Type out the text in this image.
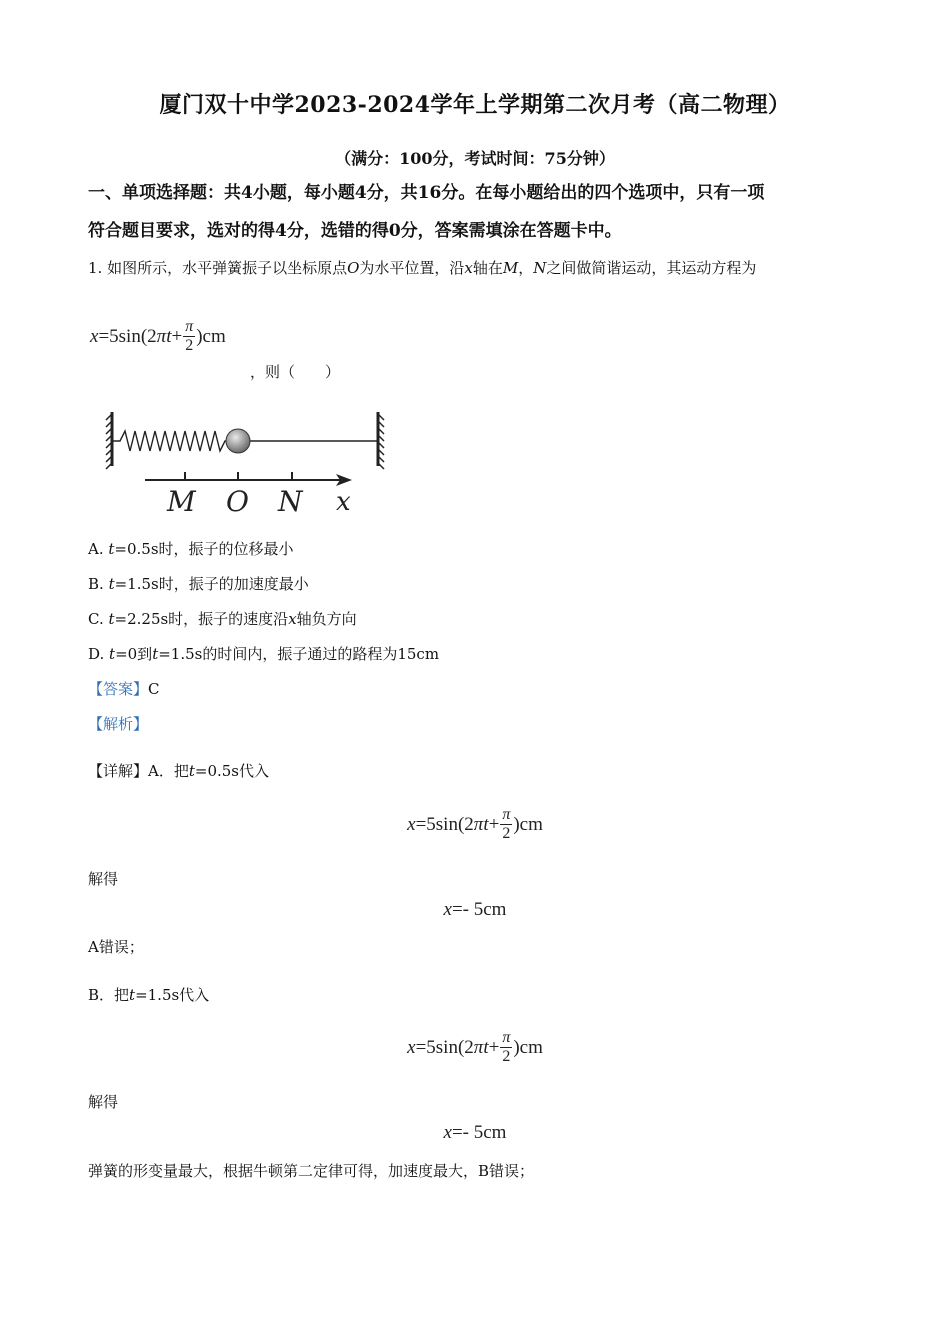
厦门双十中学2023-2024学年上学期第二次月考（高二物理）
（满分：100分，考试时间：75分钟）
一、单项选择题：共4小题，每小题4分，共16分。在每小题给出的四个选项中，只有一项
符合题目要求，选对的得4分，选错的得0分，答案需填涂在答题卡中。
1. 如图所示，水平弹簧振子以坐标原点O为水平位置，沿x轴在M，N之间做简谐运动，其运动方程为
x =5sin(2 π $t + \frac{\pi}{2} )cm$
，则（　　）
M O N x
A. t=0.5s时，振子的位移最小
B. t=1.5s时，振子的加速度最小
C. t=2.25s时，振子的速度沿x轴负方向
D. t=0到t=1.5s的时间内，振子通过的路程为15cm
【答案】C
【解析】
【详解】A．把t=0.5s代入
x =5sin(2 π $t + \frac{\pi}{2} )cm$
解得
x =- 5cm
A错误；
B．把t=1.5s代入
x =5sin(2 π $t + \frac{\pi}{2} )cm$
解得
x =- 5cm
弹簧的形变量最大，根据牛顿第二定律可得，加速度最大，B错误；
